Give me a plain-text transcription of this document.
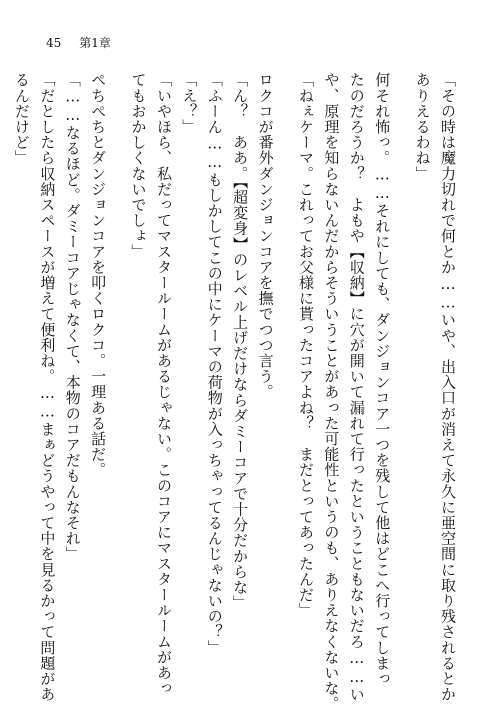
45 第1章
「その時は魔力切れで何とか……いや、出入口が消えて永久に亜空間に取り残されるとか
ありえるわね」
何それ怖っ。……それにしても、ダンジョンコア一つを残して他はどこへ行ってしまっ
たのだろうか？　よもや【収納】に穴が開いて漏れて行ったということもないだろ……い
や、原理を知らないんだからそういうことがあった可能性というのも、ありえなくないな。
「ねぇケーマ。これってお父様に貰ったコアよね？　まだとってあったんだ」
ロクコが番外ダンジョンコアを撫でつつ言う。
「ん？　ああ。【超変身】のレベル上げだけならダミーコアで十分だからな」
「ふーん……もしかしてこの中にケーマの荷物が入っちゃってるんじゃないの？」
「え？」
「いやほら、私だってマスタールームがあるじゃない。このコアにマスタールームがあっ
てもおかしくないでしょ」
ぺちぺちとダンジョンコアを叩くロクコ。一理ある話だ。
「……なるほど。ダミーコアじゃなくて、本物のコアだもんなそれ」
「だとしたら収納スペースが増えて便利ね。……まぁどうやって中を見るかって問題があ
るんだけど」
